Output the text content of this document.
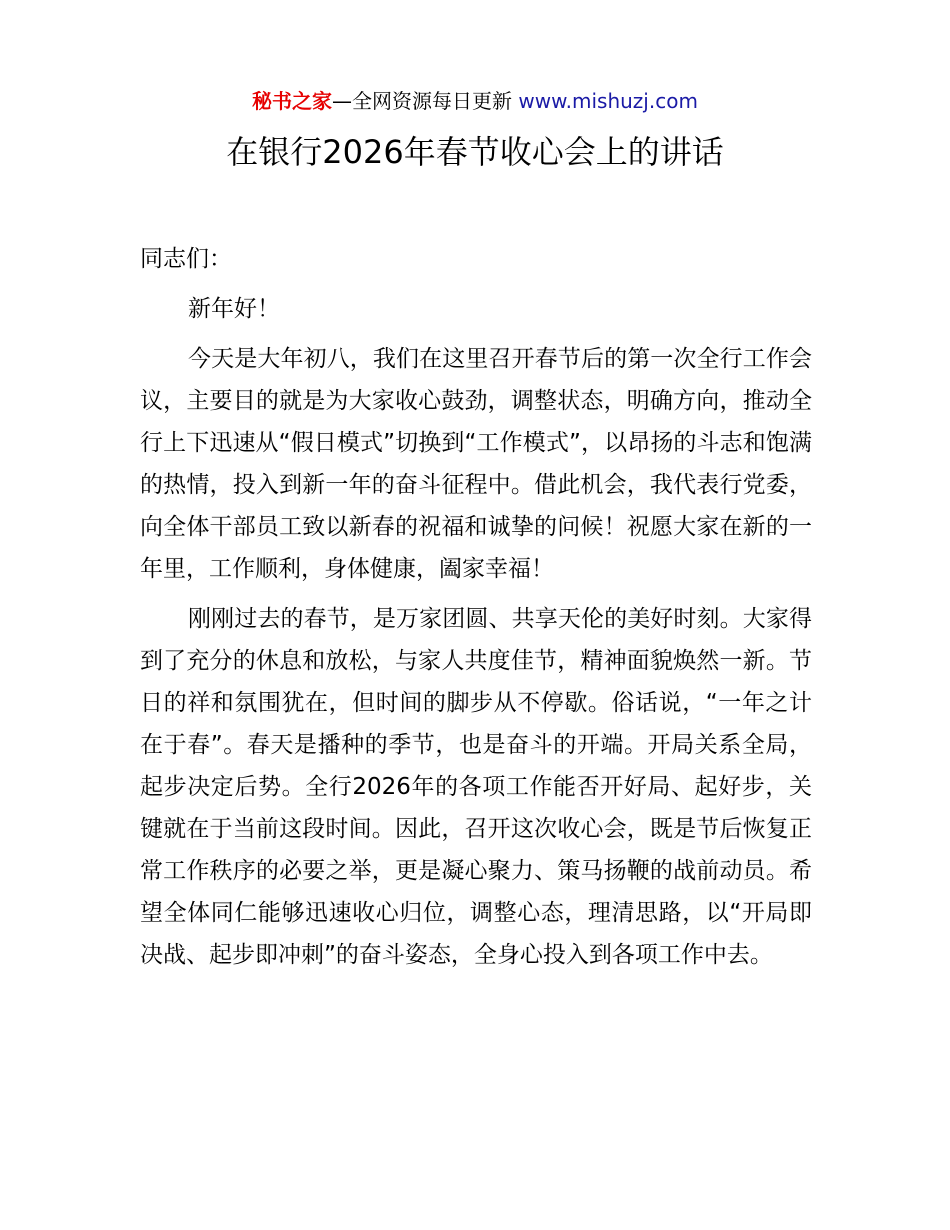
秘书之家—全网资源每日更新 www.mishuzj.com
在银行2026年春节收心会上的讲话

同志们：

新年好！

今天是大年初八，我们在这里召开春节后的第一次全行工作会议，主要目的就是为大家收心鼓劲，调整状态，明确方向，推动全行上下迅速从“假日模式”切换到“工作模式”，以昂扬的斗志和饱满的热情，投入到新一年的奋斗征程中。借此机会，我代表行党委，向全体干部员工致以新春的祝福和诚挚的问候！祝愿大家在新的一年里，工作顺利，身体健康，阖家幸福！

刚刚过去的春节，是万家团圆、共享天伦的美好时刻。大家得到了充分的休息和放松，与家人共度佳节，精神面貌焕然一新。节日的祥和氛围犹在，但时间的脚步从不停歇。俗话说，“一年之计在于春”。春天是播种的季节，也是奋斗的开端。开局关系全局，起步决定后势。全行2026年的各项工作能否开好局、起好步，关键就在于当前这段时间。因此，召开这次收心会，既是节后恢复正常工作秩序的必要之举，更是凝心聚力、策马扬鞭的战前动员。希望全体同仁能够迅速收心归位，调整心态，理清思路，以“开局即决战、起步即冲刺”的奋斗姿态，全身心投入到各项工作中去。
